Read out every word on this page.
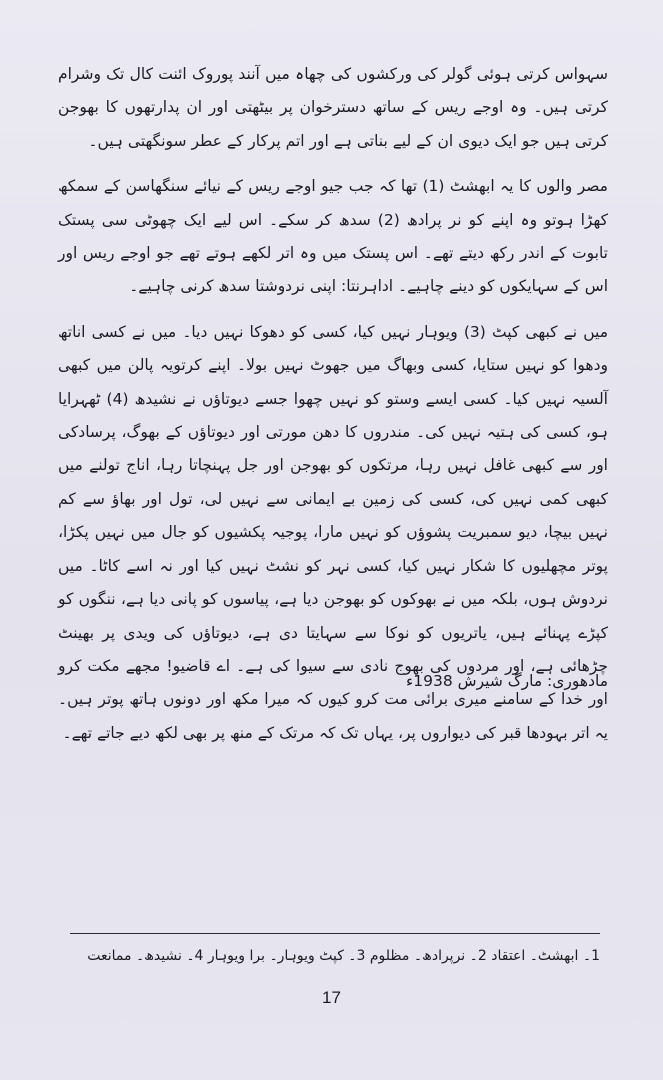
سہواس کرتی ہوئی گولر کی ورکشوں کی چھاہ میں آنند پوروک ائنت کال تک وشرام کرتی ہیں۔ وہ اوجے ریس کے ساتھ دسترخوان پر بیٹھتی اور ان پدارتھوں کا بھوجن کرتی ہیں جو ایک دیوی ان کے لیے بناتی ہے اور اتم پرکار کے عطر سونگھتی ہیں۔

مصر والوں کا یہ ابھشٹ (1) تھا کہ جب جیو اوجے ریس کے نیائے سنگھاسن کے سمکھ کھڑا ہوتو وہ اپنے کو نر پرادھ (2) سدھ کر سکے۔ اس لیے ایک چھوٹی سی پستک تابوت کے اندر رکھ دیتے تھے۔ اس پستک میں وہ اتر لکھے ہوتے تھے جو اوجے ریس اور اس کے سہایکوں کو دینے چاہیے۔ اداہرنتا: اپنی نردوشتا سدھ کرنی چاہیے۔

میں نے کبھی کپٹ (3) ویوہار نہیں کیا، کسی کو دھوکا نہیں دیا۔ میں نے کسی اناتھ ودھوا کو نہیں ستایا، کسی وبھاگ میں جھوٹ نہیں بولا۔ اپنے کرتویہ پالن میں کبھی آلسیہ نہیں کیا۔ کسی ایسے وستو کو نہیں چھوا جسے دیوتاؤں نے نشیدھ (4) ٹھہرایا ہو، کسی کی ہتیہ نہیں کی۔ مندروں کا دھن مورتی اور دیوتاؤں کے بھوگ، پرسادکی اور سے کبھی غافل نہیں رہا، مرتکوں کو بھوجن اور جل پہنچاتا رہا، اناج تولنے میں کبھی کمی نہیں کی، کسی کی زمین بے ایمانی سے نہیں لی، تول اور بھاؤ سے کم نہیں بیچا، دیو سمبریت پشوؤں کو نہیں مارا، پوجیہ پکشیوں کو جال میں نہیں پکڑا، پوتر مچھلیوں کا شکار نہیں کیا، کسی نہر کو نشٹ نہیں کیا اور نہ اسے کاٹا۔ میں نردوش ہوں، بلکہ میں نے بھوکوں کو بھوجن دیا ہے، پیاسوں کو پانی دیا ہے، ننگوں کو کپڑے پہنائے ہیں، یاتریوں کو نوکا سے سہایتا دی ہے، دیوتاؤں کی ویدی پر بھینٹ چڑھائی ہے، اور مردوں کی بھوج نادی سے سیوا کی ہے۔ اے قاضیو! مجھے مکت کرو اور خدا کے سامنے میری برائی مت کرو کیوں کہ میرا مکھ اور دونوں ہاتھ پوتر ہیں۔ یہ اتر بہودھا قبر کی دیواروں پر، یہاں تک کہ مرتک کے منھ پر بھی لکھ دیے جاتے تھے۔

مادھوری: مارگ شیرش 1938ء
1۔ ابھشٹ۔ اعتقاد 2۔ نرپرادھ۔ مظلوم 3۔ کپٹ ویوہار۔ برا ویوہار 4۔ نشیدھ۔ ممانعت
17
